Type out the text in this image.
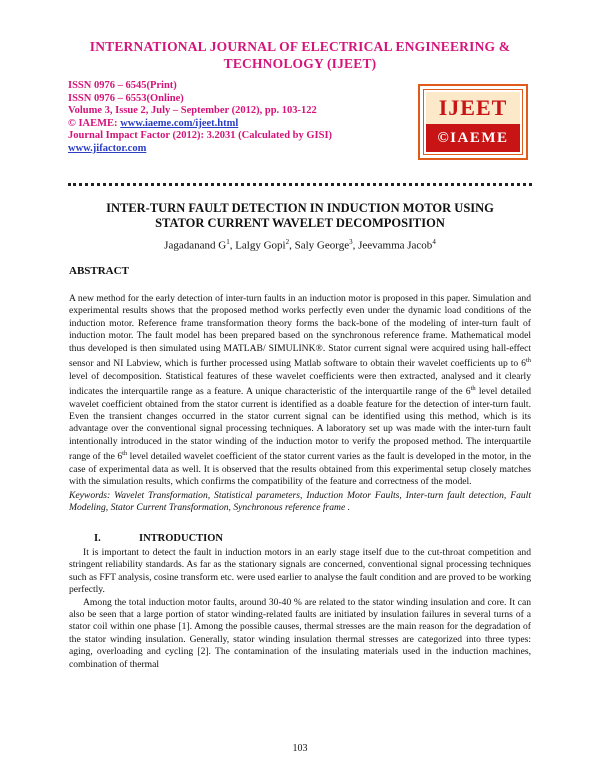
INTERNATIONAL JOURNAL OF ELECTRICAL ENGINEERING &
TECHNOLOGY (IJEET)
ISSN 0976 – 6545(Print)
ISSN 0976 – 6553(Online)
Volume 3, Issue 2, July – September (2012), pp. 103-122
© IAEME: www.iaeme.com/ijeet.html
Journal Impact Factor (2012): 3.2031 (Calculated by GISI)
www.jifactor.com
IJEET
©IAEME
INTER-TURN FAULT DETECTION IN INDUCTION MOTOR USING
STATOR CURRENT WAVELET DECOMPOSITION
Jagadanand $G^1$, Lalgy Gopi$^2$, Saly George$^3$, Jeevamma Jacob$^4$
ABSTRACT
A new method for the early detection of inter-turn faults in an induction motor is proposed in this paper. Simulation and experimental results shows that the proposed method works perfectly even under the dynamic load conditions of the induction motor. Reference frame transformation theory forms the back-bone of the modeling of inter-turn fault of induction motor. The fault model has been prepared based on the synchronous reference frame. Mathematical model thus developed is then simulated using MATLAB/ SIMULINK®. Stator current signal were acquired using hall-effect sensor and NI Labview, which is further processed using Matlab software to obtain their wavelet coefficients up to 6th level of decomposition. Statistical features of these wavelet coefficients were then extracted, analysed and it clearly indicates the interquartile range as a feature. A unique characteristic of the interquartile range of the 6th level detailed wavelet coefficient obtained from the stator current is identified as a doable feature for the detection of inter-turn fault. Even the transient changes occurred in the stator current signal can be identified using this method, which is its advantage over the conventional signal processing techniques. A laboratory set up was made with the inter-turn fault intentionally introduced in the stator winding of the induction motor to verify the proposed method. The interquartile range of the 6th level detailed wavelet coefficient of the stator current varies as the fault is developed in the motor, in the case of experimental data as well. It is observed that the results obtained from this experimental setup closely matches with the simulation results, which confirms the compatibility of the feature and correctness of the model.
Keywords: Wavelet Transformation, Statistical parameters, Induction Motor Faults, Inter-turn fault detection, Fault Modeling, Stator Current Transformation, Synchronous reference frame .
I.	INTRODUCTION

It is important to detect the fault in induction motors in an early stage itself due to the cut-throat competition and stringent reliability standards. As far as the stationary signals are concerned, conventional signal processing techniques such as FFT analysis, cosine transform etc. were used earlier to analyse the fault condition and are proved to be working perfectly.

Among the total induction motor faults, around 30-40 % are related to the stator winding insulation and core. It can also be seen that a large portion of stator winding-related faults are initiated by insulation failures in several turns of a stator coil within one phase [1]. Among the possible causes, thermal stresses are the main reason for the degradation of the stator winding insulation. Generally, stator winding insulation thermal stresses are categorized into three types: aging, overloading and cycling [2]. The contamination of the insulating materials used in the induction machines, combination of thermal

103
